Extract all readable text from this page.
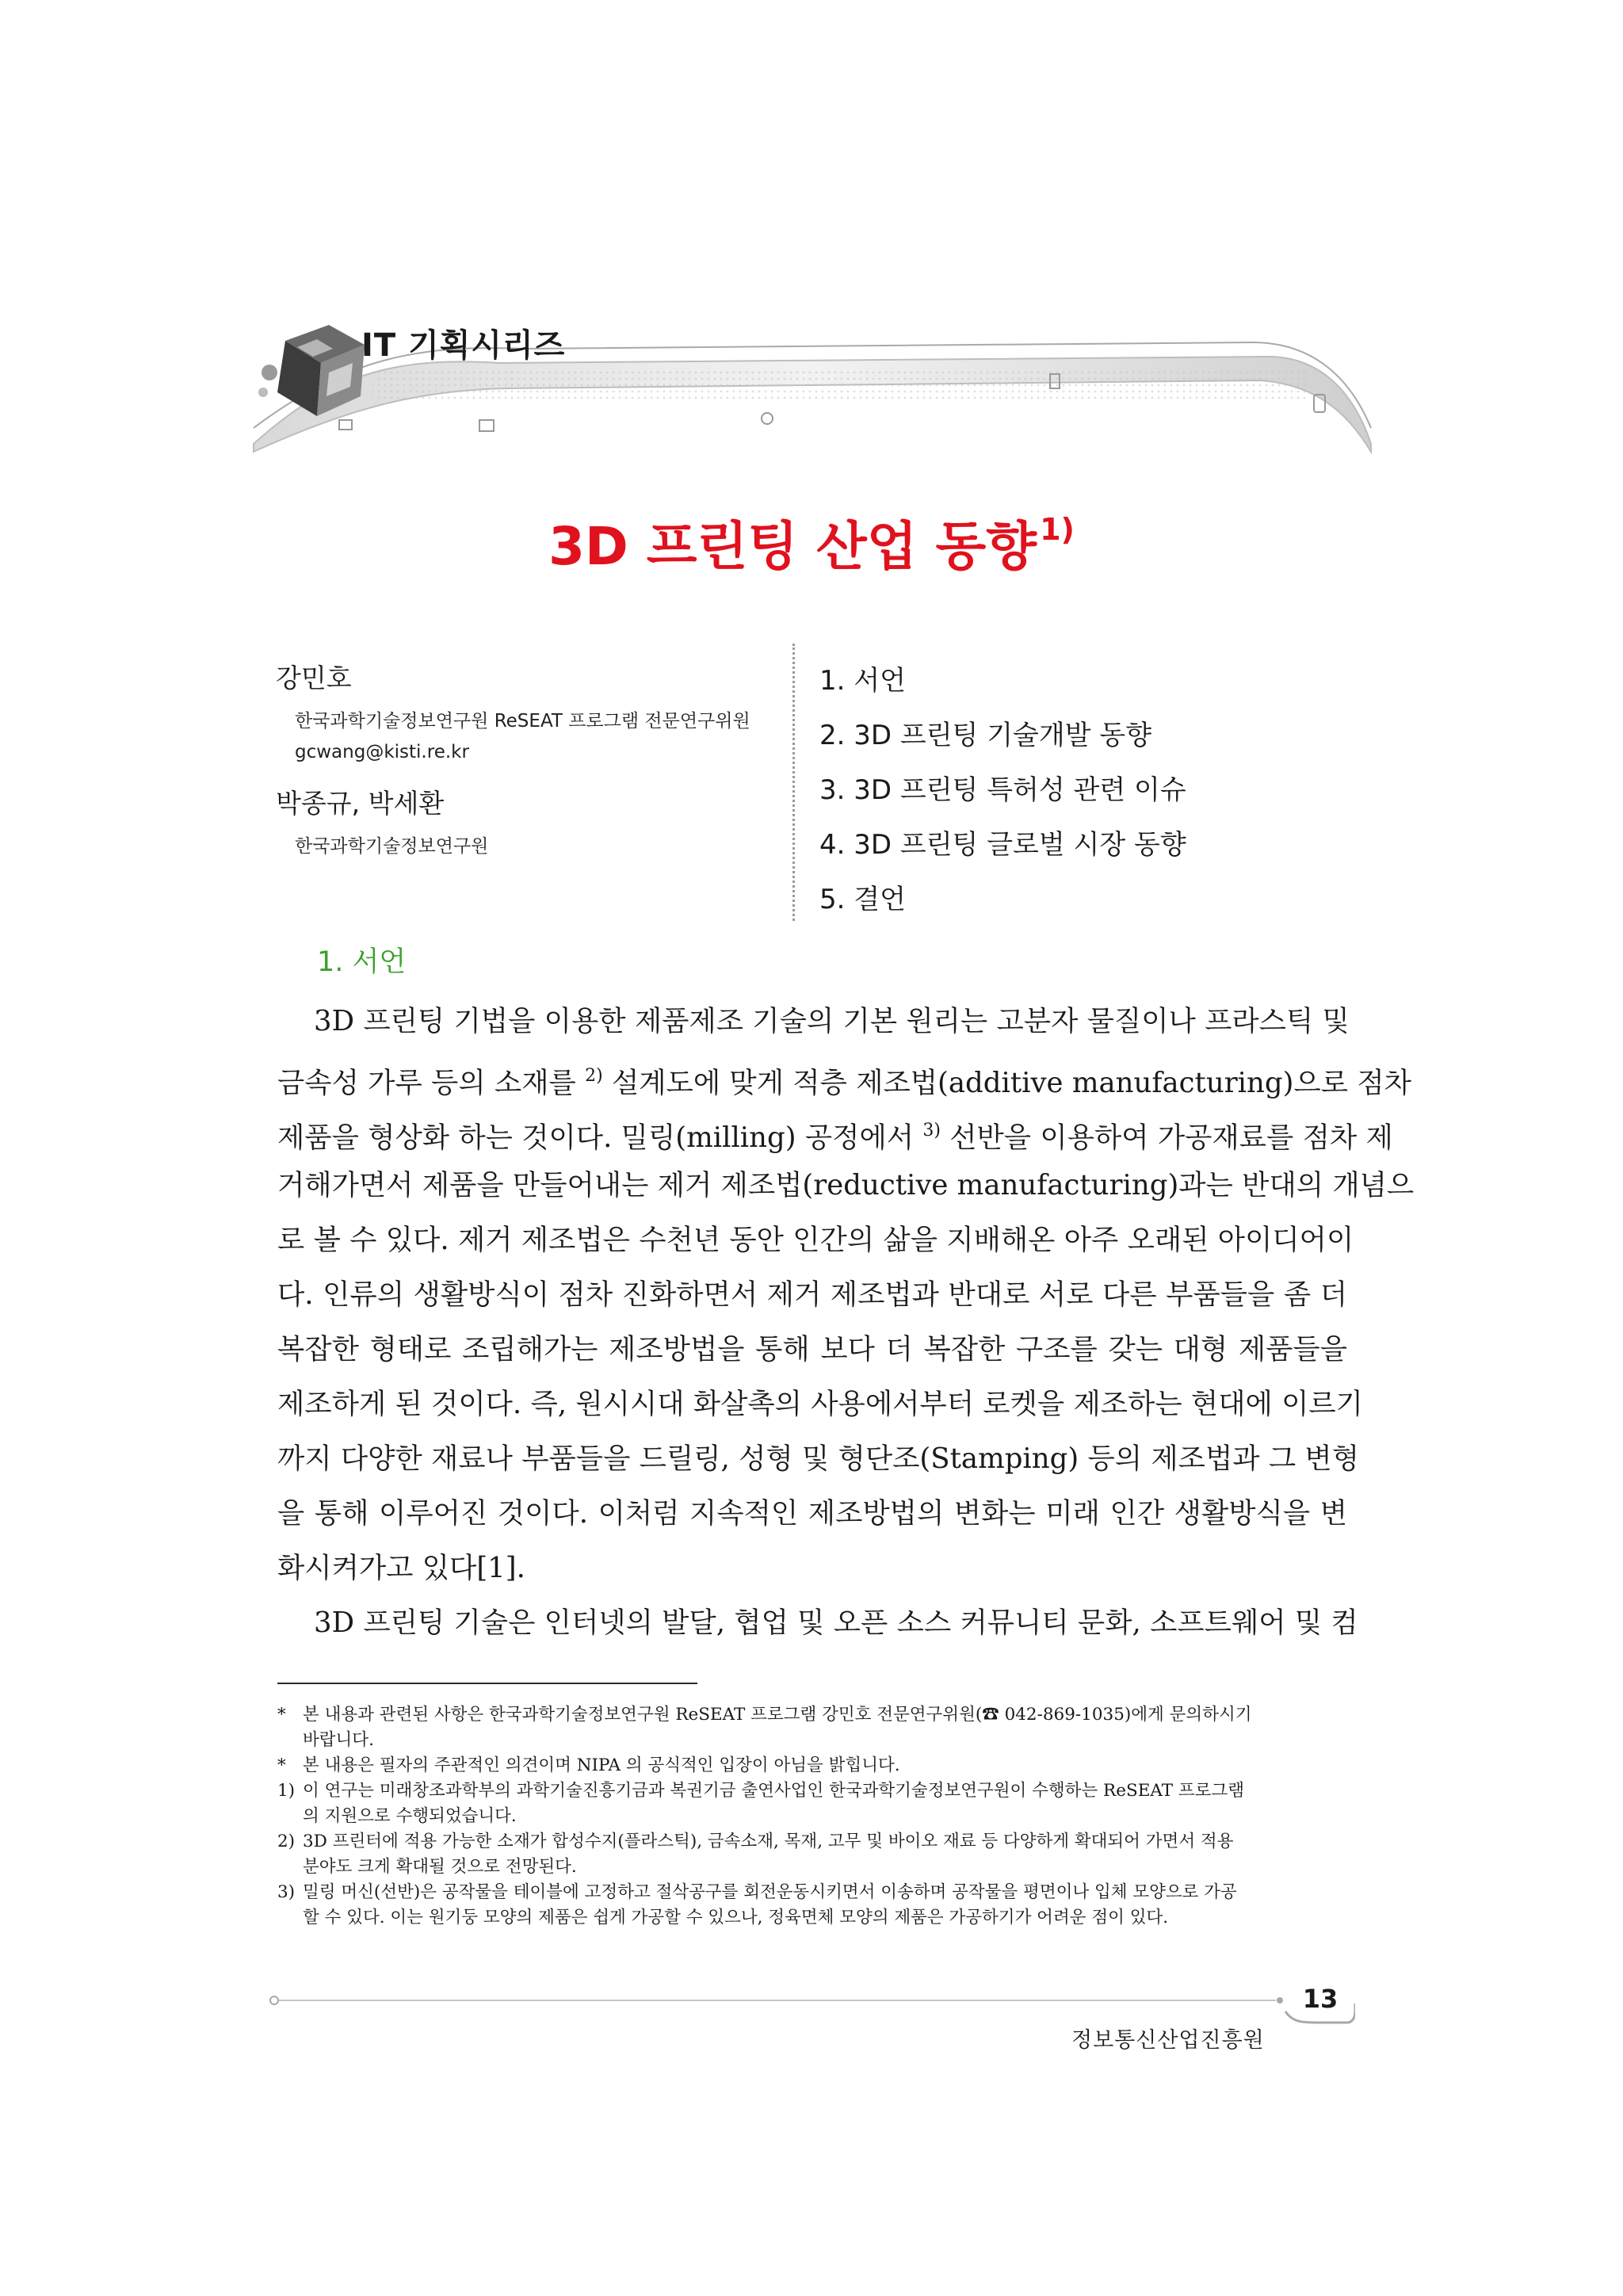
IT 기획시리즈
3D 프린팅 산업 동향 $^{1)}$

강민호

한국과학기술정보연구원 ReSEAT 프로그램 전문연구위원

gcwang@kisti.re.kr

박종규, 박세환

한국과학기술정보연구원

1. 서언
2. 3D 프린팅 기술개발 동향
3. 3D 프린팅 특허성 관련 이슈
4. 3D 프린팅 글로벌 시장 동향
5. 결언
1. 서언
3D 프린팅 기법을 이용한 제품제조 기술의 기본 원리는 고분자 물질이나 프라스틱 및
금속성 가루 등의 소재를 $^{2)}$ 설계도에 맞게 적층 제조법(additive manufacturing)으로 점차
제품을 형상화 하는 것이다. 밀링(milling) 공정에서 $^{3)}$ 선반을 이용하여 가공재료를 점차 제
거해가면서 제품을 만들어내는 제거 제조법(reductive manufacturing)과는 반대의 개념으
로 볼 수 있다. 제거 제조법은 수천년 동안 인간의 삶을 지배해온 아주 오래된 아이디어이
다. 인류의 생활방식이 점차 진화하면서 제거 제조법과 반대로 서로 다른 부품들을 좀 더
복잡한 형태로 조립해가는 제조방법을 통해 보다 더 복잡한 구조를 갖는 대형 제품들을
제조하게 된 것이다. 즉, 원시시대 화살촉의 사용에서부터 로켓을 제조하는 현대에 이르기
까지 다양한 재료나 부품들을 드릴링, 성형 및 형단조(Stamping) 등의 제조법과 그 변형
을 통해 이루어진 것이다. 이처럼 지속적인 제조방법의 변화는 미래 인간 생활방식을 변
화시켜가고 있다[1].
3D 프린팅 기술은 인터넷의 발달, 협업 및 오픈 소스 커뮤니티 문화, 소프트웨어 및 컴
* 본 내용과 관련된 사항은 한국과학기술정보연구원 ReSEAT 프로그램 강민호 전문연구위원(☎ 042-869-1035)에게 문의하시기
바랍니다.
* 본 내용은 필자의 주관적인 의견이며 NIPA 의 공식적인 입장이 아님을 밝힙니다.
1) 이 연구는 미래창조과학부의 과학기술진흥기금과 복권기금 출연사업인 한국과학기술정보연구원이 수행하는 ReSEAT 프로그램
의 지원으로 수행되었습니다.
2) 3D 프린터에 적용 가능한 소재가 합성수지(플라스틱), 금속소재, 목재, 고무 및 바이오 재료 등 다양하게 확대되어 가면서 적용
분야도 크게 확대될 것으로 전망된다.
3) 밀링 머신(선반)은 공작물을 테이블에 고정하고 절삭공구를 회전운동시키면서 이송하며 공작물을 평면이나 입체 모양으로 가공
할 수 있다. 이는 원기둥 모양의 제품은 쉽게 가공할 수 있으나, 정육면체 모양의 제품은 가공하기가 어려운 점이 있다.
13
정보통신산업진흥원
